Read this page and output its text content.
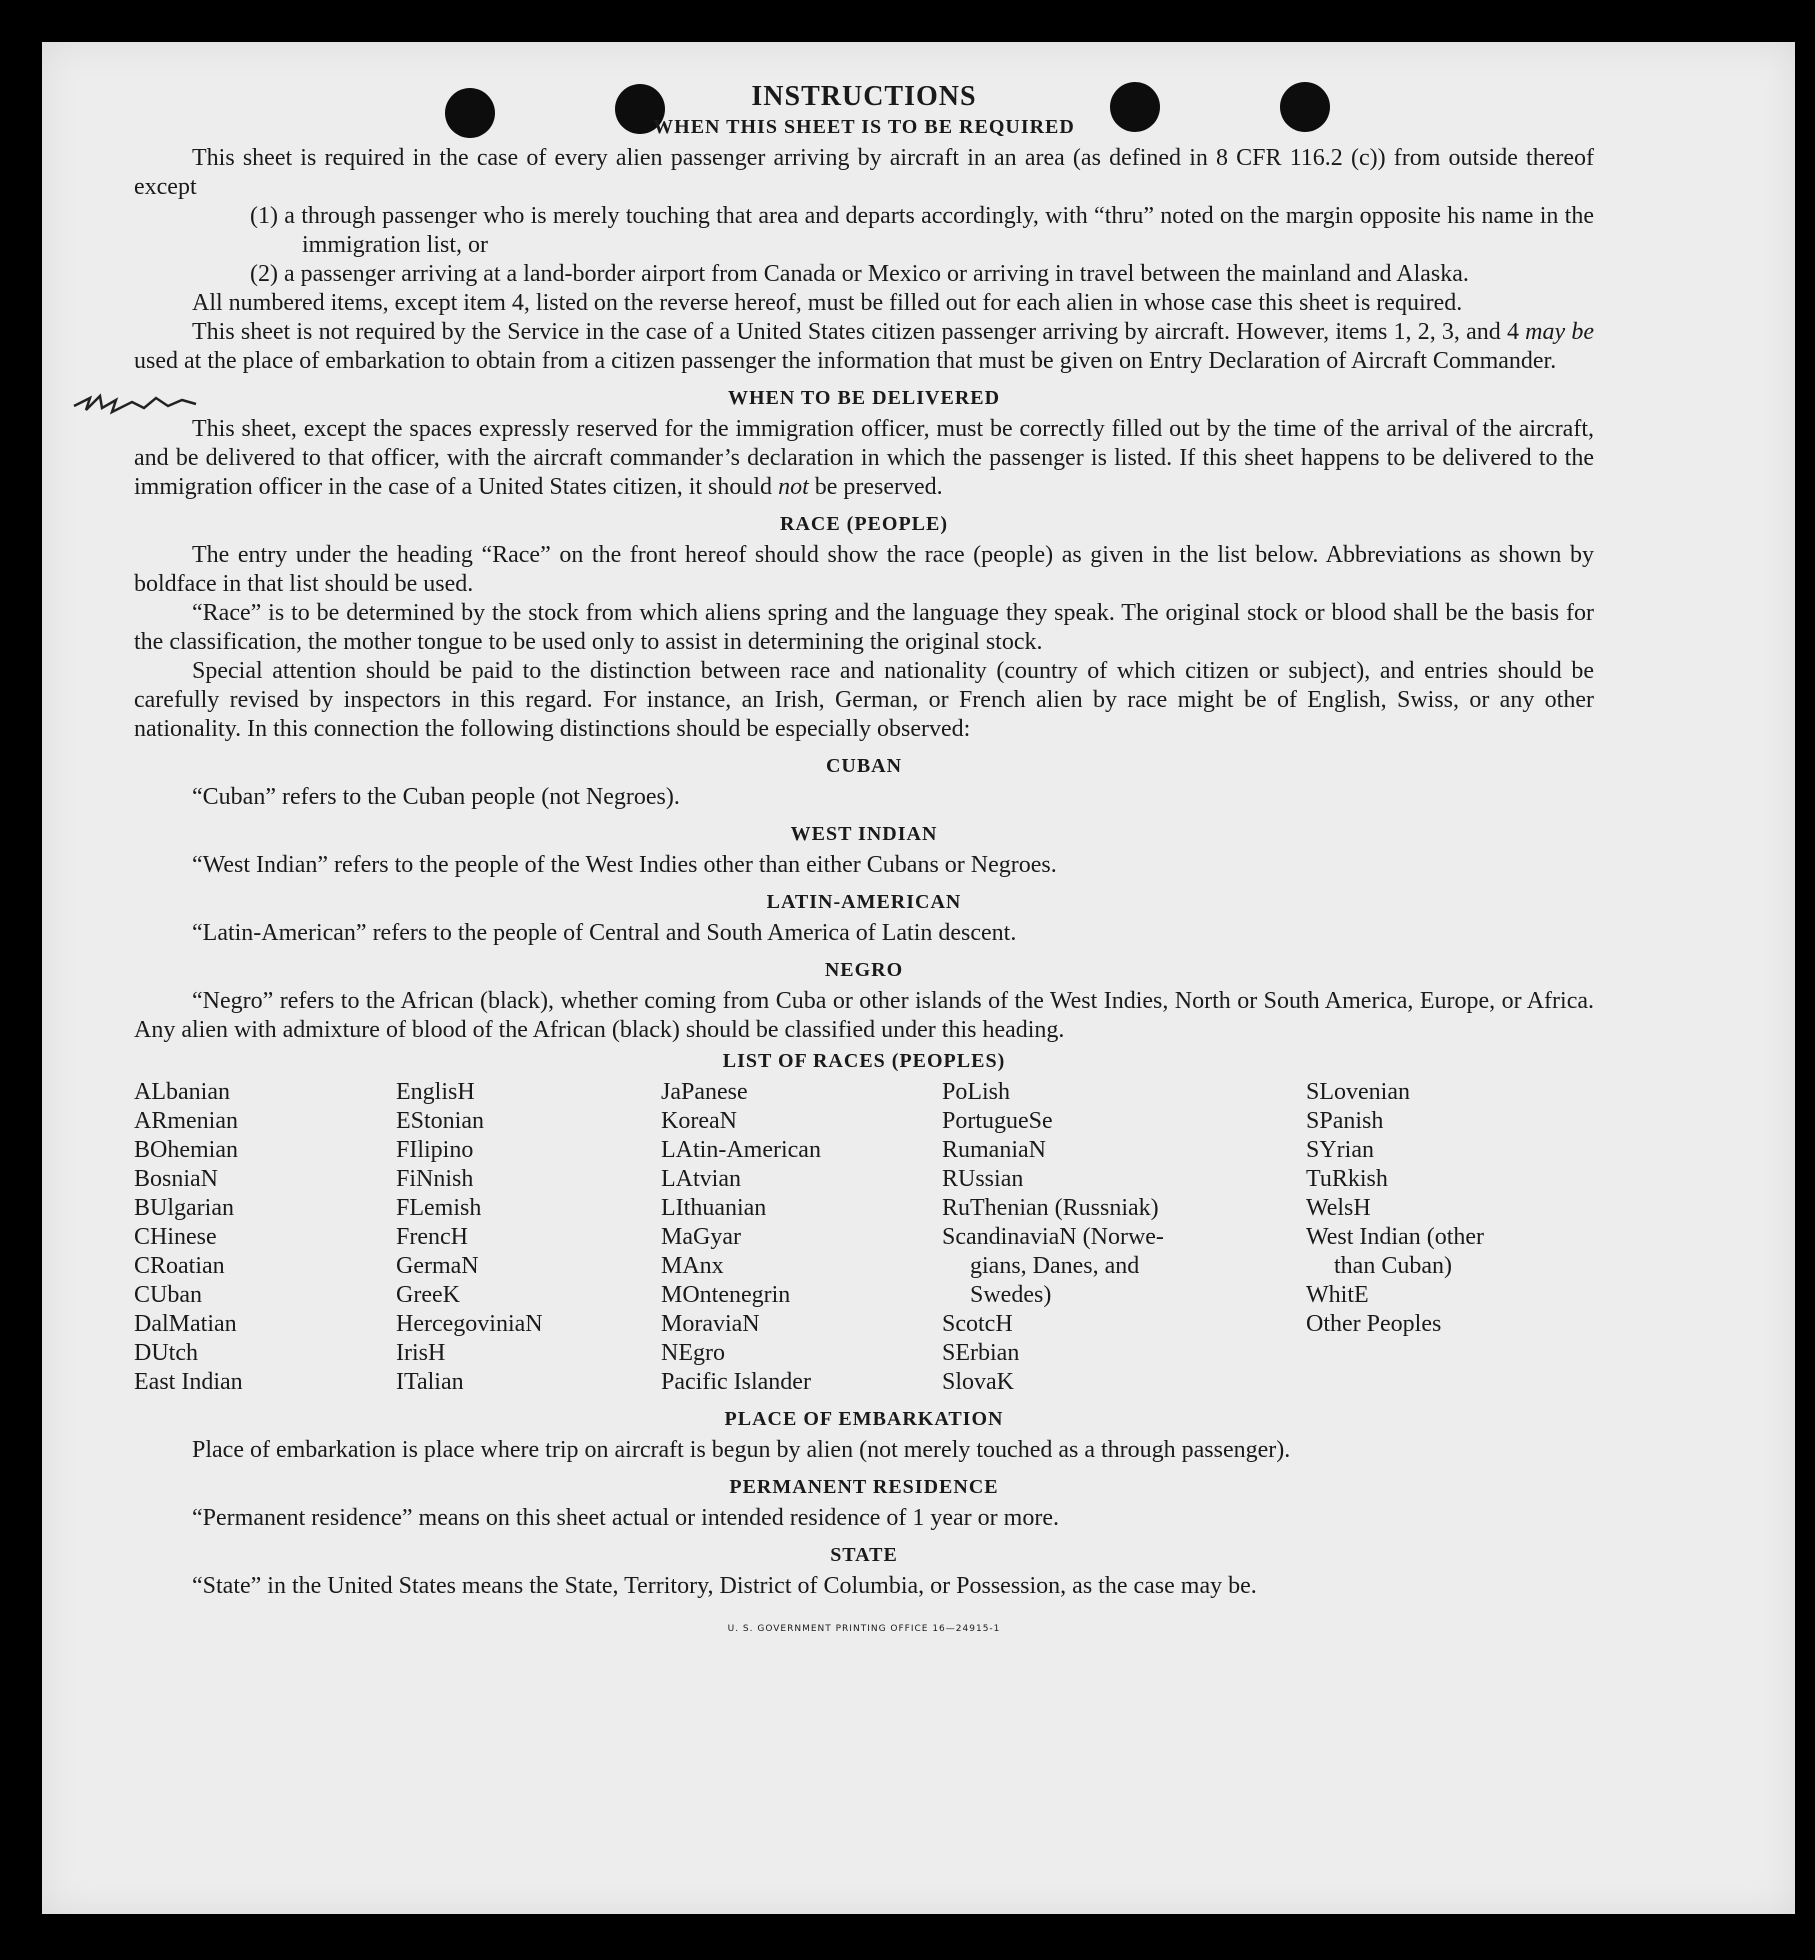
INSTRUCTIONS
WHEN THIS SHEET IS TO BE REQUIRED

This sheet is required in the case of every alien passenger arriving by aircraft in an area (as defined in 8 CFR 116.2 (c)) from outside thereof except

(1) a through passenger who is merely touching that area and departs accordingly, with “thru” noted on the margin opposite his name in the immigration list, or

(2) a passenger arriving at a land-border airport from Canada or Mexico or arriving in travel between the mainland and Alaska.

All numbered items, except item 4, listed on the reverse hereof, must be filled out for each alien in whose case this sheet is required.

This sheet is not required by the Service in the case of a United States citizen passenger arriving by aircraft. However, items 1, 2, 3, and 4 may be used at the place of embarkation to obtain from a citizen passenger the information that must be given on Entry Declaration of Aircraft Commander.

WHEN TO BE DELIVERED

This sheet, except the spaces expressly reserved for the immigration officer, must be correctly filled out by the time of the arrival of the aircraft, and be delivered to that officer, with the aircraft commander’s declaration in which the passenger is listed. If this sheet happens to be delivered to the immigration officer in the case of a United States citizen, it should not be preserved.

RACE (PEOPLE)

The entry under the heading “Race” on the front hereof should show the race (people) as given in the list below. Abbreviations as shown by boldface in that list should be used.

“Race” is to be determined by the stock from which aliens spring and the language they speak. The original stock or blood shall be the basis for the classification, the mother tongue to be used only to assist in determining the original stock.

Special attention should be paid to the distinction between race and nationality (country of which citizen or subject), and entries should be carefully revised by inspectors in this regard. For instance, an Irish, German, or French alien by race might be of English, Swiss, or any other nationality. In this connection the following distinctions should be especially observed:

CUBAN

“Cuban” refers to the Cuban people (not Negroes).

WEST INDIAN

“West Indian” refers to the people of the West Indies other than either Cubans or Negroes.

LATIN-AMERICAN

“Latin-American” refers to the people of Central and South America of Latin descent.

NEGRO

“Negro” refers to the African (black), whether coming from Cuba or other islands of the West Indies, North or South America, Europe, or Africa. Any alien with admixture of blood of the African (black) should be classified under this heading.

LIST OF RACES (PEOPLES)
ALbanian
ARmenian
BOhemian
BosniaN
BUlgarian
CHinese
CRoatian
CUban
DalMatian
DUtch
East Indian
EnglisH
EStonian
FIlipino
FiNnish
FLemish
FrencH
GermaN
GreeK
HercegoviniaN
IrisH
ITalian
JaPanese
KoreaN
LAtin-American
LAtvian
LIthuanian
MaGyar
MAnx
MOntenegrin
MoraviaN
NEgro
Pacific Islander
PoLish
PortugueSe
RumaniaN
RUssian
RuThenian (Russniak)
ScandinaviaN (Norwe-
gians, Danes, and
Swedes)
ScotcH
SErbian
SlovaK
SLovenian
SPanish
SYrian
TuRkish
WelsH
West Indian (other
than Cuban)
WhitE
Other Peoples
PLACE OF EMBARKATION

Place of embarkation is place where trip on aircraft is begun by alien (not merely touched as a through passenger).

PERMANENT RESIDENCE

“Permanent residence” means on this sheet actual or intended residence of 1 year or more.

STATE

“State” in the United States means the State, Territory, District of Columbia, or Possession, as the case may be.

U. S. GOVERNMENT PRINTING OFFICE 16—24915-1
